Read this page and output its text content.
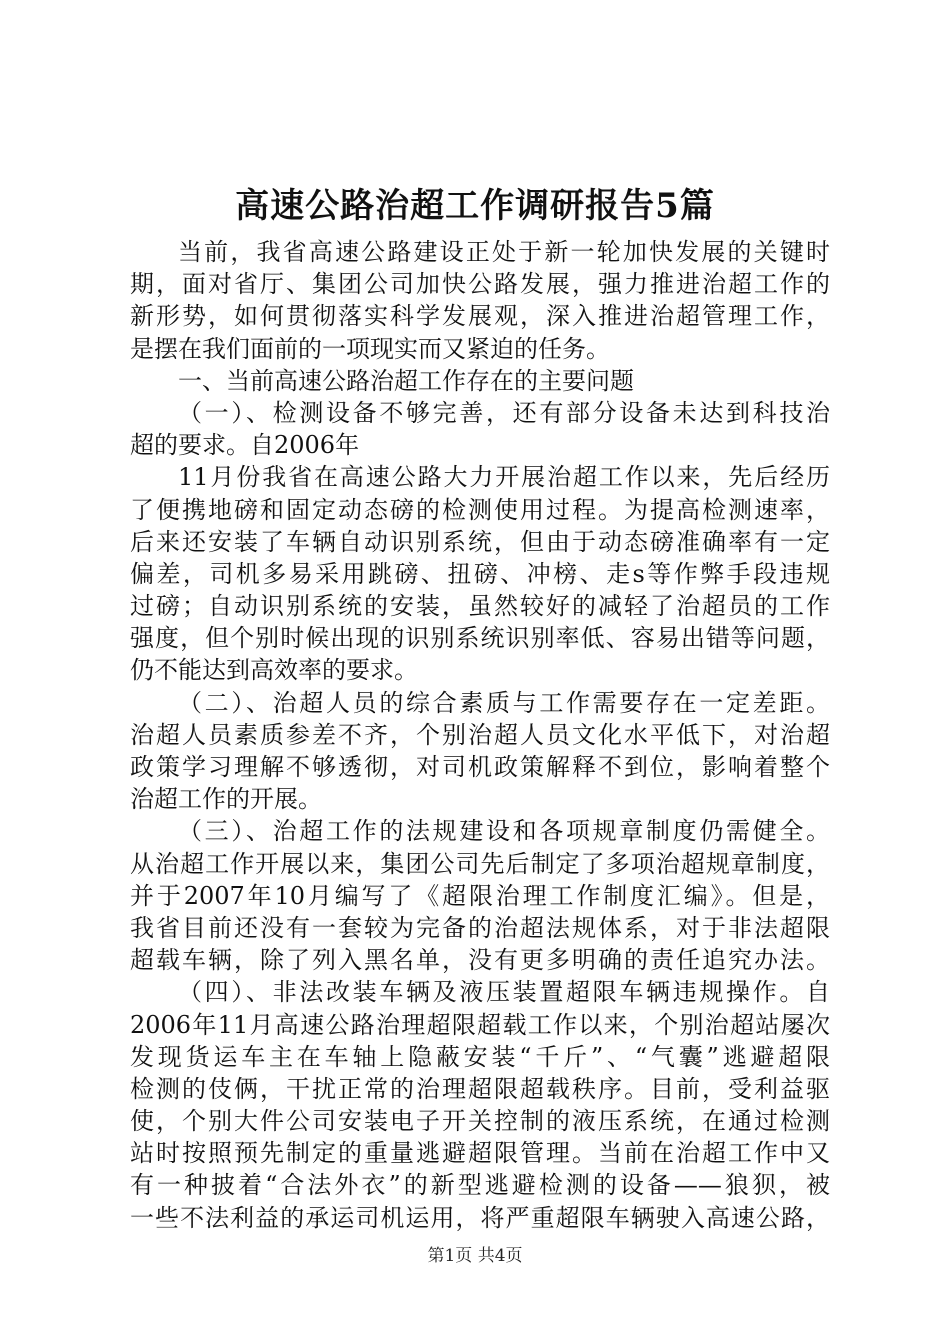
高速公路治超工作调研报告5篇
当前，我省高速公路建设正处于新一轮加快发展的关键时
期，面对省厅、集团公司加快公路发展，强力推进治超工作的
新形势，如何贯彻落实科学发展观，深入推进治超管理工作，
是摆在我们面前的一项现实而又紧迫的任务。
一、当前高速公路治超工作存在的主要问题
（一）、检测设备不够完善，还有部分设备未达到科技治
超的要求。自2006年
11月份我省在高速公路大力开展治超工作以来，先后经历
了便携地磅和固定动态磅的检测使用过程。为提高检测速率，
后来还安装了车辆自动识别系统，但由于动态磅准确率有一定
偏差，司机多易采用跳磅、扭磅、冲榜、走s等作弊手段违规
过磅；自动识别系统的安装，虽然较好的减轻了治超员的工作
强度，但个别时候出现的识别系统识别率低、容易出错等问题，
仍不能达到高效率的要求。
（二）、治超人员的综合素质与工作需要存在一定差距。
治超人员素质参差不齐，个别治超人员文化水平低下，对治超
政策学习理解不够透彻，对司机政策解释不到位，影响着整个
治超工作的开展。
（三）、治超工作的法规建设和各项规章制度仍需健全。
从治超工作开展以来，集团公司先后制定了多项治超规章制度，
并于2007年10月编写了《超限治理工作制度汇编》。但是，
我省目前还没有一套较为完备的治超法规体系，对于非法超限
超载车辆，除了列入黑名单，没有更多明确的责任追究办法。
（四）、非法改装车辆及液压装置超限车辆违规操作。自
2006年11月高速公路治理超限超载工作以来，个别治超站屡次
发现货运车主在车轴上隐蔽安装“千斤”、“气囊”逃避超限
检测的伎俩，干扰正常的治理超限超载秩序。目前，受利益驱
使，个别大件公司安装电子开关控制的液压系统，在通过检测
站时按照预先制定的重量逃避超限管理。当前在治超工作中又
有一种披着“合法外衣”的新型逃避检测的设备——狼狈，被
一些不法利益的承运司机运用，将严重超限车辆驶入高速公路，
第1页 共4页
